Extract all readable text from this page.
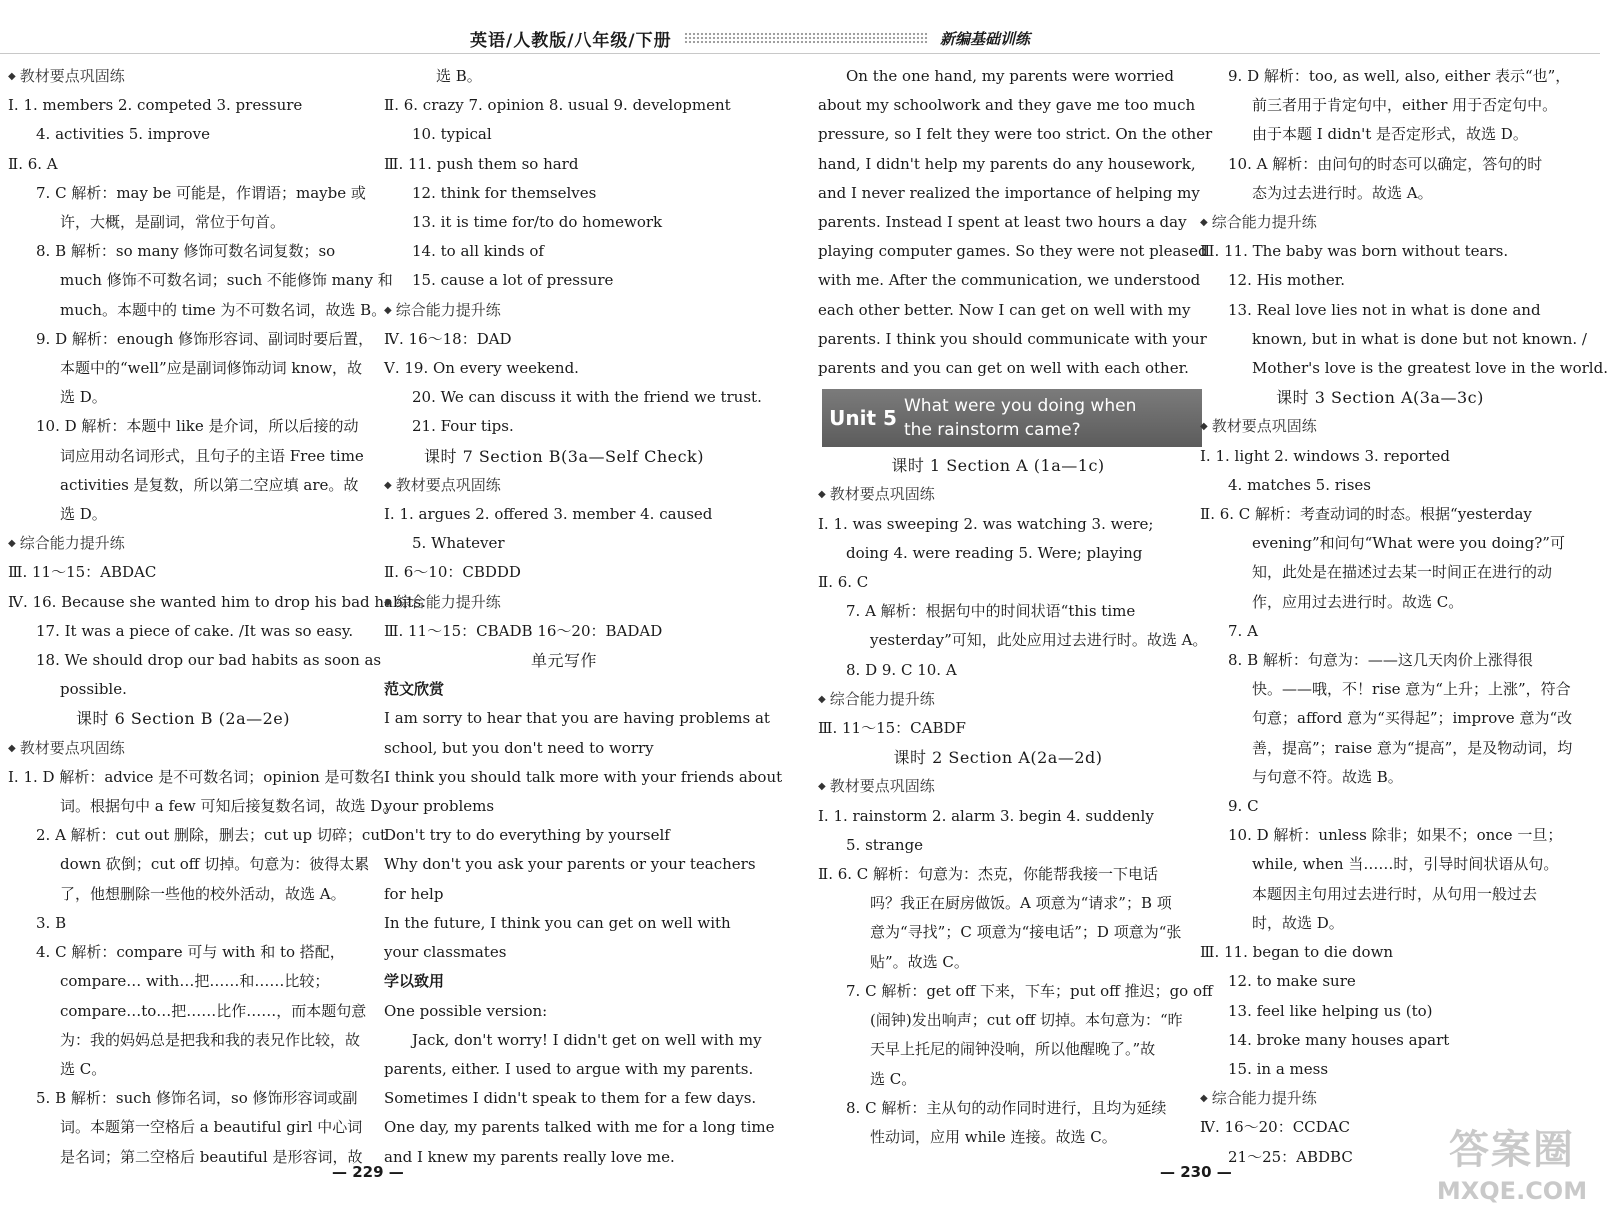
英语/人教版/八年级/下册	新编基础训练
◆ 教材要点巩固练
Ⅰ. 1. members 2. competed 3. pressure
4. activities 5. improve
Ⅱ. 6. A
7. C 解析：may be 可能是，作谓语；maybe 或
许，大概，是副词，常位于句首。
8. B 解析：so many 修饰可数名词复数；so
much 修饰不可数名词；such 不能修饰 many 和
much。本题中的 time 为不可数名词，故选 B。
9. D 解析：enough 修饰形容词、副词时要后置，
本题中的“well”应是副词修饰动词 know，故
选 D。
10. D 解析：本题中 like 是介词，所以后接的动
词应用动名词形式，且句子的主语 Free time
activities 是复数，所以第二空应填 are。故
选 D。
◆ 综合能力提升练
Ⅲ. 11～15：ABDAC
Ⅳ. 16. Because she wanted him to drop his bad habits.
17. It was a piece of cake. /It was so easy.
18. We should drop our bad habits as soon as
possible.
课时 6 Section B (2a—2e)
◆ 教材要点巩固练
Ⅰ. 1. D 解析：advice 是不可数名词；opinion 是可数名
词。根据句中 a few 可知后接复数名词，故选 D。
2. A 解析：cut out 删除，删去；cut up 切碎；cut
down 砍倒；cut off 切掉。句意为：彼得太累
了，他想删除一些他的校外活动，故选 A。
3. B
4. C 解析：compare 可与 with 和 to 搭配，
compare… with…把……和……比较；
compare…to…把……比作……，而本题句意
为：我的妈妈总是把我和我的表兄作比较，故
选 C。
5. B 解析：such 修饰名词，so 修饰形容词或副
词。本题第一空格后 a beautiful girl 中心词
是名词；第二空格后 beautiful 是形容词，故
选 B。
Ⅱ. 6. crazy 7. opinion 8. usual 9. development
10. typical
Ⅲ. 11. push them so hard
12. think for themselves
13. it is time for/to do homework
14. to all kinds of
15. cause a lot of pressure
◆ 综合能力提升练
Ⅳ. 16～18：DAD
Ⅴ. 19. On every weekend.
20. We can discuss it with the friend we trust.
21. Four tips.
课时 7 Section B(3a—Self Check)
◆ 教材要点巩固练
Ⅰ. 1. argues 2. offered 3. member 4. caused
5. Whatever
Ⅱ. 6～10：CBDDD
◆ 综合能力提升练
Ⅲ. 11～15：CBADB 16～20：BADAD
单元写作
范文欣赏
I am sorry to hear that you are having problems at
school, but you don't need to worry
I think you should talk more with your friends about
your problems
Don't try to do everything by yourself
Why don't you ask your parents or your teachers
for help
In the future, I think you can get on well with
your classmates
学以致用
One possible version:
Jack, don't worry! I didn't get on well with my
parents, either. I used to argue with my parents.
Sometimes I didn't speak to them for a few days.
One day, my parents talked with me for a long time
and I knew my parents really love me.
On the one hand, my parents were worried
about my schoolwork and they gave me too much
pressure, so I felt they were too strict. On the other
hand, I didn't help my parents do any housework,
and I never realized the importance of helping my
parents. Instead I spent at least two hours a day
playing computer games. So they were not pleased
with me. After the communication, we understood
each other better. Now I can get on well with my
parents. I think you should communicate with your
parents and you can get on well with each other.
Unit 5 What were you doing when
the rainstorm came?
课时 1 Section A (1a—1c)
◆ 教材要点巩固练
Ⅰ. 1. was sweeping 2. was watching 3. were;
doing 4. were reading 5. Were; playing
Ⅱ. 6. C
7. A 解析：根据句中的时间状语“this time
yesterday”可知，此处应用过去进行时。故选 A。
8. D 9. C 10. A
◆ 综合能力提升练
Ⅲ. 11～15：CABDF
课时 2 Section A(2a—2d)
◆ 教材要点巩固练
Ⅰ. 1. rainstorm 2. alarm 3. begin 4. suddenly
5. strange
Ⅱ. 6. C 解析：句意为：杰克，你能帮我接一下电话
吗？我正在厨房做饭。A 项意为“请求”；B 项
意为“寻找”；C 项意为“接电话”；D 项意为“张
贴”。故选 C。
7. C 解析：get off 下来，下车；put off 推迟；go off
(闹钟)发出响声；cut off 切掉。本句意为：“昨
天早上托尼的闹钟没响，所以他醒晚了。”故
选 C。
8. C 解析：主从句的动作同时进行，且均为延续
性动词，应用 while 连接。故选 C。
9. D 解析：too, as well, also, either 表示“也”，
前三者用于肯定句中，either 用于否定句中。
由于本题 I didn't 是否定形式，故选 D。
10. A 解析：由问句的时态可以确定，答句的时
态为过去进行时。故选 A。
◆ 综合能力提升练
Ⅲ. 11. The baby was born without tears.
12. His mother.
13. Real love lies not in what is done and
known, but in what is done but not known. /
Mother's love is the greatest love in the world.
课时 3 Section A(3a—3c)
◆ 教材要点巩固练
Ⅰ. 1. light 2. windows 3. reported
4. matches 5. rises
Ⅱ. 6. C 解析：考查动词的时态。根据“yesterday
evening”和问句“What were you doing?”可
知，此处是在描述过去某一时间正在进行的动
作，应用过去进行时。故选 C。
7. A
8. B 解析：句意为：——这几天肉价上涨得很
快。——哦，不！rise 意为“上升；上涨”，符合
句意；afford 意为“买得起”；improve 意为“改
善，提高”；raise 意为“提高”，是及物动词，均
与句意不符。故选 B。
9. C
10. D 解析：unless 除非；如果不；once 一旦；
while, when 当……时，引导时间状语从句。
本题因主句用过去进行时，从句用一般过去
时，故选 D。
Ⅲ. 11. began to die down
12. to make sure
13. feel like helping us (to)
14. broke many houses apart
15. in a mess
◆ 综合能力提升练
Ⅳ. 16～20：CCDAC
21～25：ABDBC
— 229 —	— 230 —	答案圈
MXQE.COM
